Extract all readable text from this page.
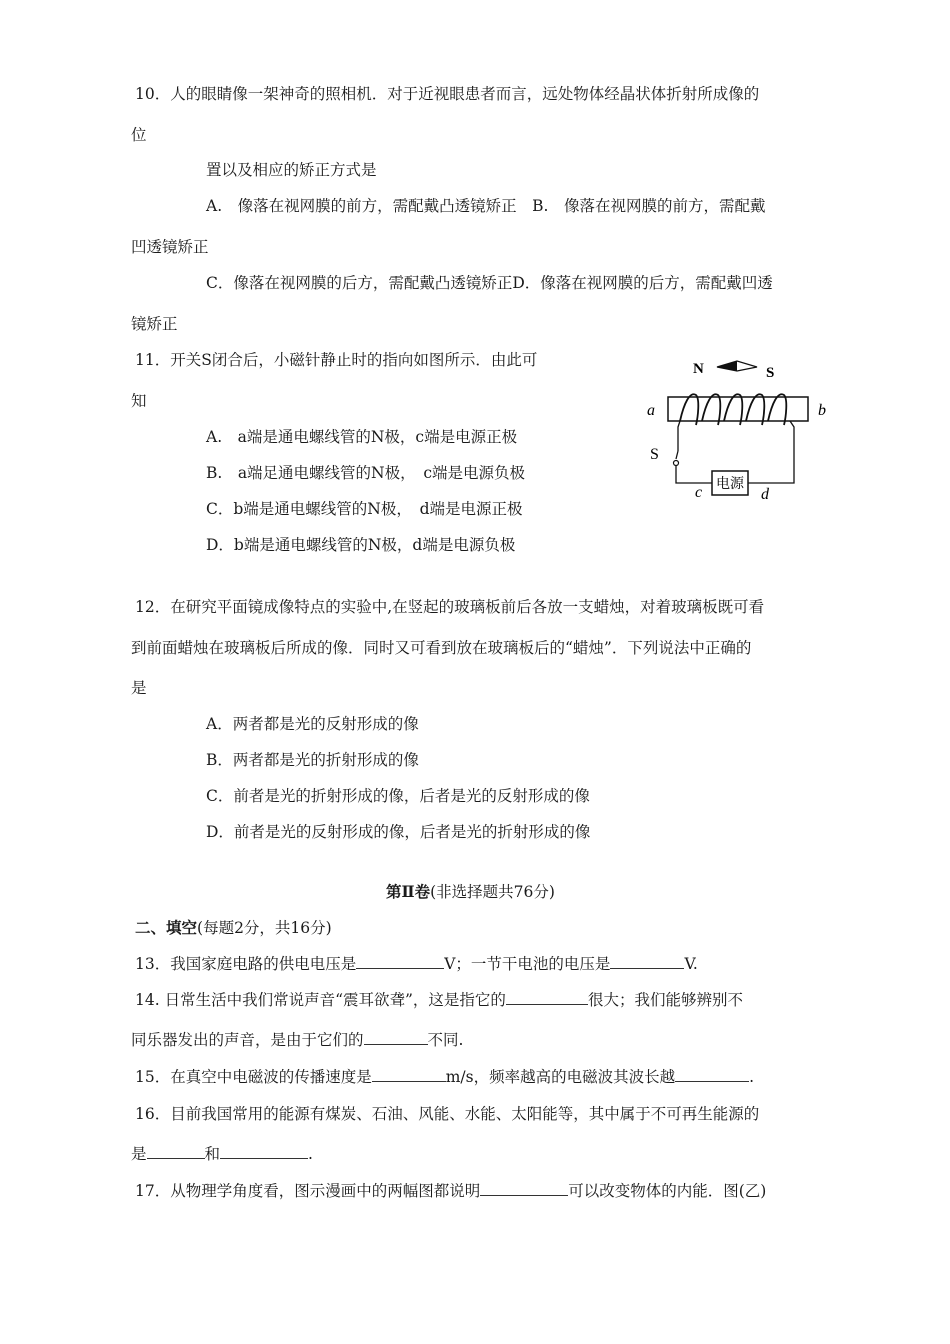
10．人的眼睛像一架神奇的照相机．对于近视眼患者而言，远处物体经晶状体折射所成像的
位
置以及相应的矫正方式是
A.　像落在视网膜的前方，需配戴凸透镜矫正　B.　像落在视网膜的前方，需配戴
凹透镜矫正
C．像落在视网膜的后方，需配戴凸透镜矫正D．像落在视网膜的后方，需配戴凹透
镜矫正
11．开关S闭合后，小磁针静止时的指向如图所示．由此可
知
A.　a端是通电螺线管的N极，c端是电源正极
B.　a端足通电螺线管的N极，　c端是电源负极
C．b端是通电螺线管的N极，　d端是电源正极
D．b端是通电螺线管的N极，d端是电源负极
N	S
a	b
S
电源
c	d
12．在研究平面镜成像特点的实验中,在竖起的玻璃板前后各放一支蜡烛，对着玻璃板既可看
到前面蜡烛在玻璃板后所成的像．同时又可看到放在玻璃板后的“蜡烛”．下列说法中正确的
是
A．两者都是光的反射形成的像
B．两者都是光的折射形成的像
C．前者是光的折射形成的像，后者是光的反射形成的像
D．前者是光的反射形成的像，后者是光的折射形成的像
第Ⅱ卷(非选择题共76分)
二、填空(每题2分，共16分)
13．我国家庭电路的供电电压是	V；一节干电池的电压是	V.
14. 日常生活中我们常说声音“震耳欲聋”，这是指它的	很大；我们能够辨别不
同乐器发出的声音，是由于它们的	不同.
15．在真空中电磁波的传播速度是	m/s，频率越高的电磁波其波长越	.
16．目前我国常用的能源有煤炭、石油、风能、水能、太阳能等，其中属于不可再生能源的
是	和	.
17．从物理学角度看，图示漫画中的两幅图都说明	可以改变物体的内能．图(乙)
